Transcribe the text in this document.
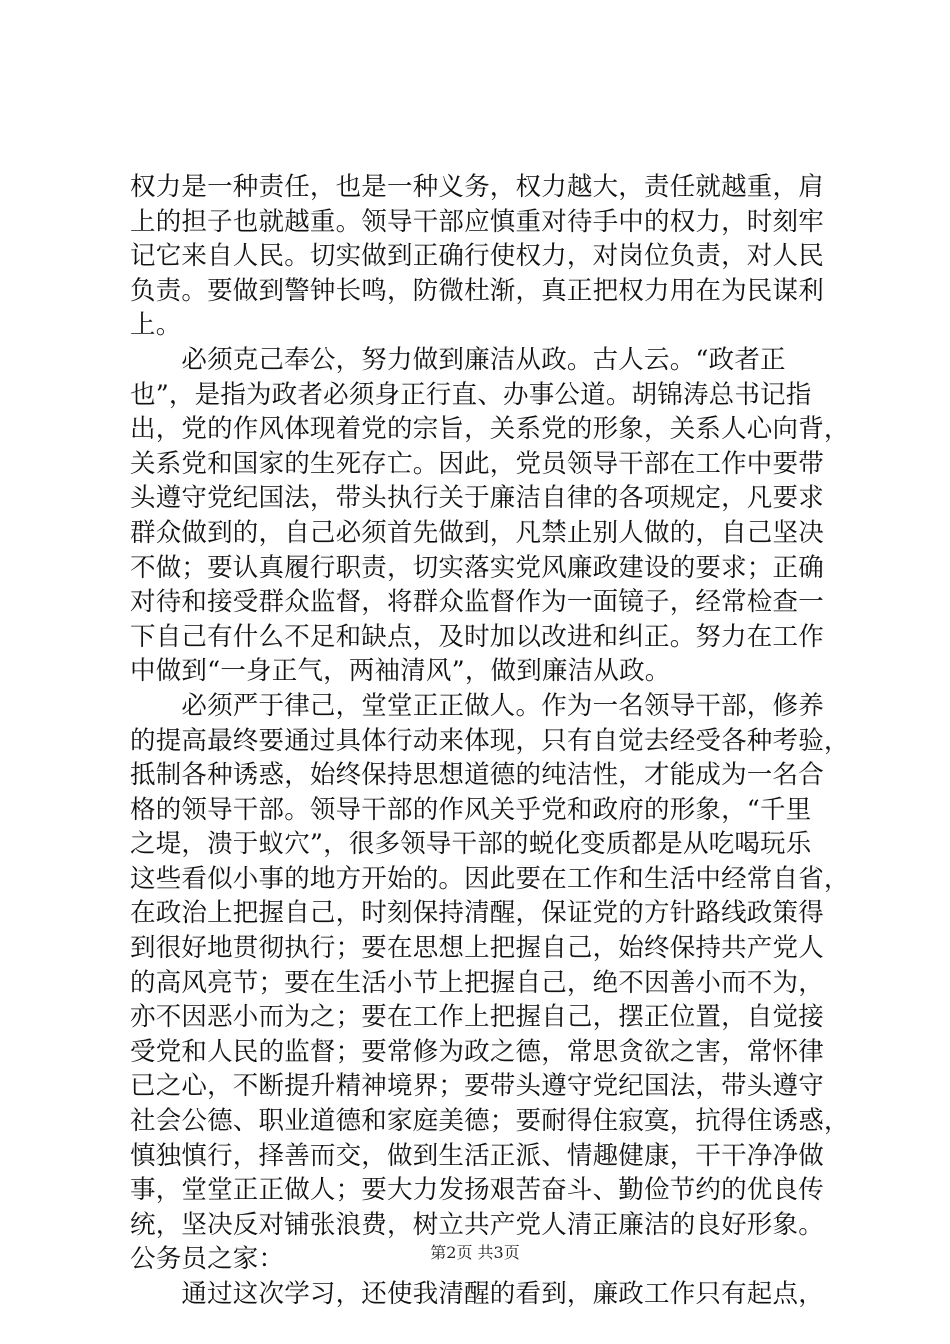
权力是一种责任，也是一种义务，权力越大，责任就越重，肩
上的担子也就越重。领导干部应慎重对待手中的权力，时刻牢
记它来自人民。切实做到正确行使权力，对岗位负责，对人民
负责。要做到警钟长鸣，防微杜渐，真正把权力用在为民谋利
上。
　　必须克己奉公，努力做到廉洁从政。古人云。“政者正
也”，是指为政者必须身正行直、办事公道。胡锦涛总书记指
出，党的作风体现着党的宗旨，关系党的形象，关系人心向背，
关系党和国家的生死存亡。因此，党员领导干部在工作中要带
头遵守党纪国法，带头执行关于廉洁自律的各项规定，凡要求
群众做到的，自己必须首先做到，凡禁止别人做的，自己坚决
不做；要认真履行职责，切实落实党风廉政建设的要求；正确
对待和接受群众监督，将群众监督作为一面镜子，经常检查一
下自己有什么不足和缺点，及时加以改进和纠正。努力在工作
中做到“一身正气，两袖清风”，做到廉洁从政。
　　必须严于律己，堂堂正正做人。作为一名领导干部，修养
的提高最终要通过具体行动来体现，只有自觉去经受各种考验，
抵制各种诱惑，始终保持思想道德的纯洁性，才能成为一名合
格的领导干部。领导干部的作风关乎党和政府的形象，“千里
之堤，溃于蚁穴”，很多领导干部的蜕化变质都是从吃喝玩乐
这些看似小事的地方开始的。因此要在工作和生活中经常自省，
在政治上把握自己，时刻保持清醒，保证党的方针路线政策得
到很好地贯彻执行；要在思想上把握自己，始终保持共产党人
的高风亮节；要在生活小节上把握自己，绝不因善小而不为，
亦不因恶小而为之；要在工作上把握自己，摆正位置，自觉接
受党和人民的监督；要常修为政之德，常思贪欲之害，常怀律
已之心，不断提升精神境界；要带头遵守党纪国法，带头遵守
社会公德、职业道德和家庭美德；要耐得住寂寞，抗得住诱惑，
慎独慎行，择善而交，做到生活正派、情趣健康，干干净净做
事，堂堂正正做人；要大力发扬艰苦奋斗、勤俭节约的优良传
统，坚决反对铺张浪费，树立共产党人清正廉洁的良好形象。
公务员之家：
　　通过这次学习，还使我清醒的看到，廉政工作只有起点，
第2页 共3页
